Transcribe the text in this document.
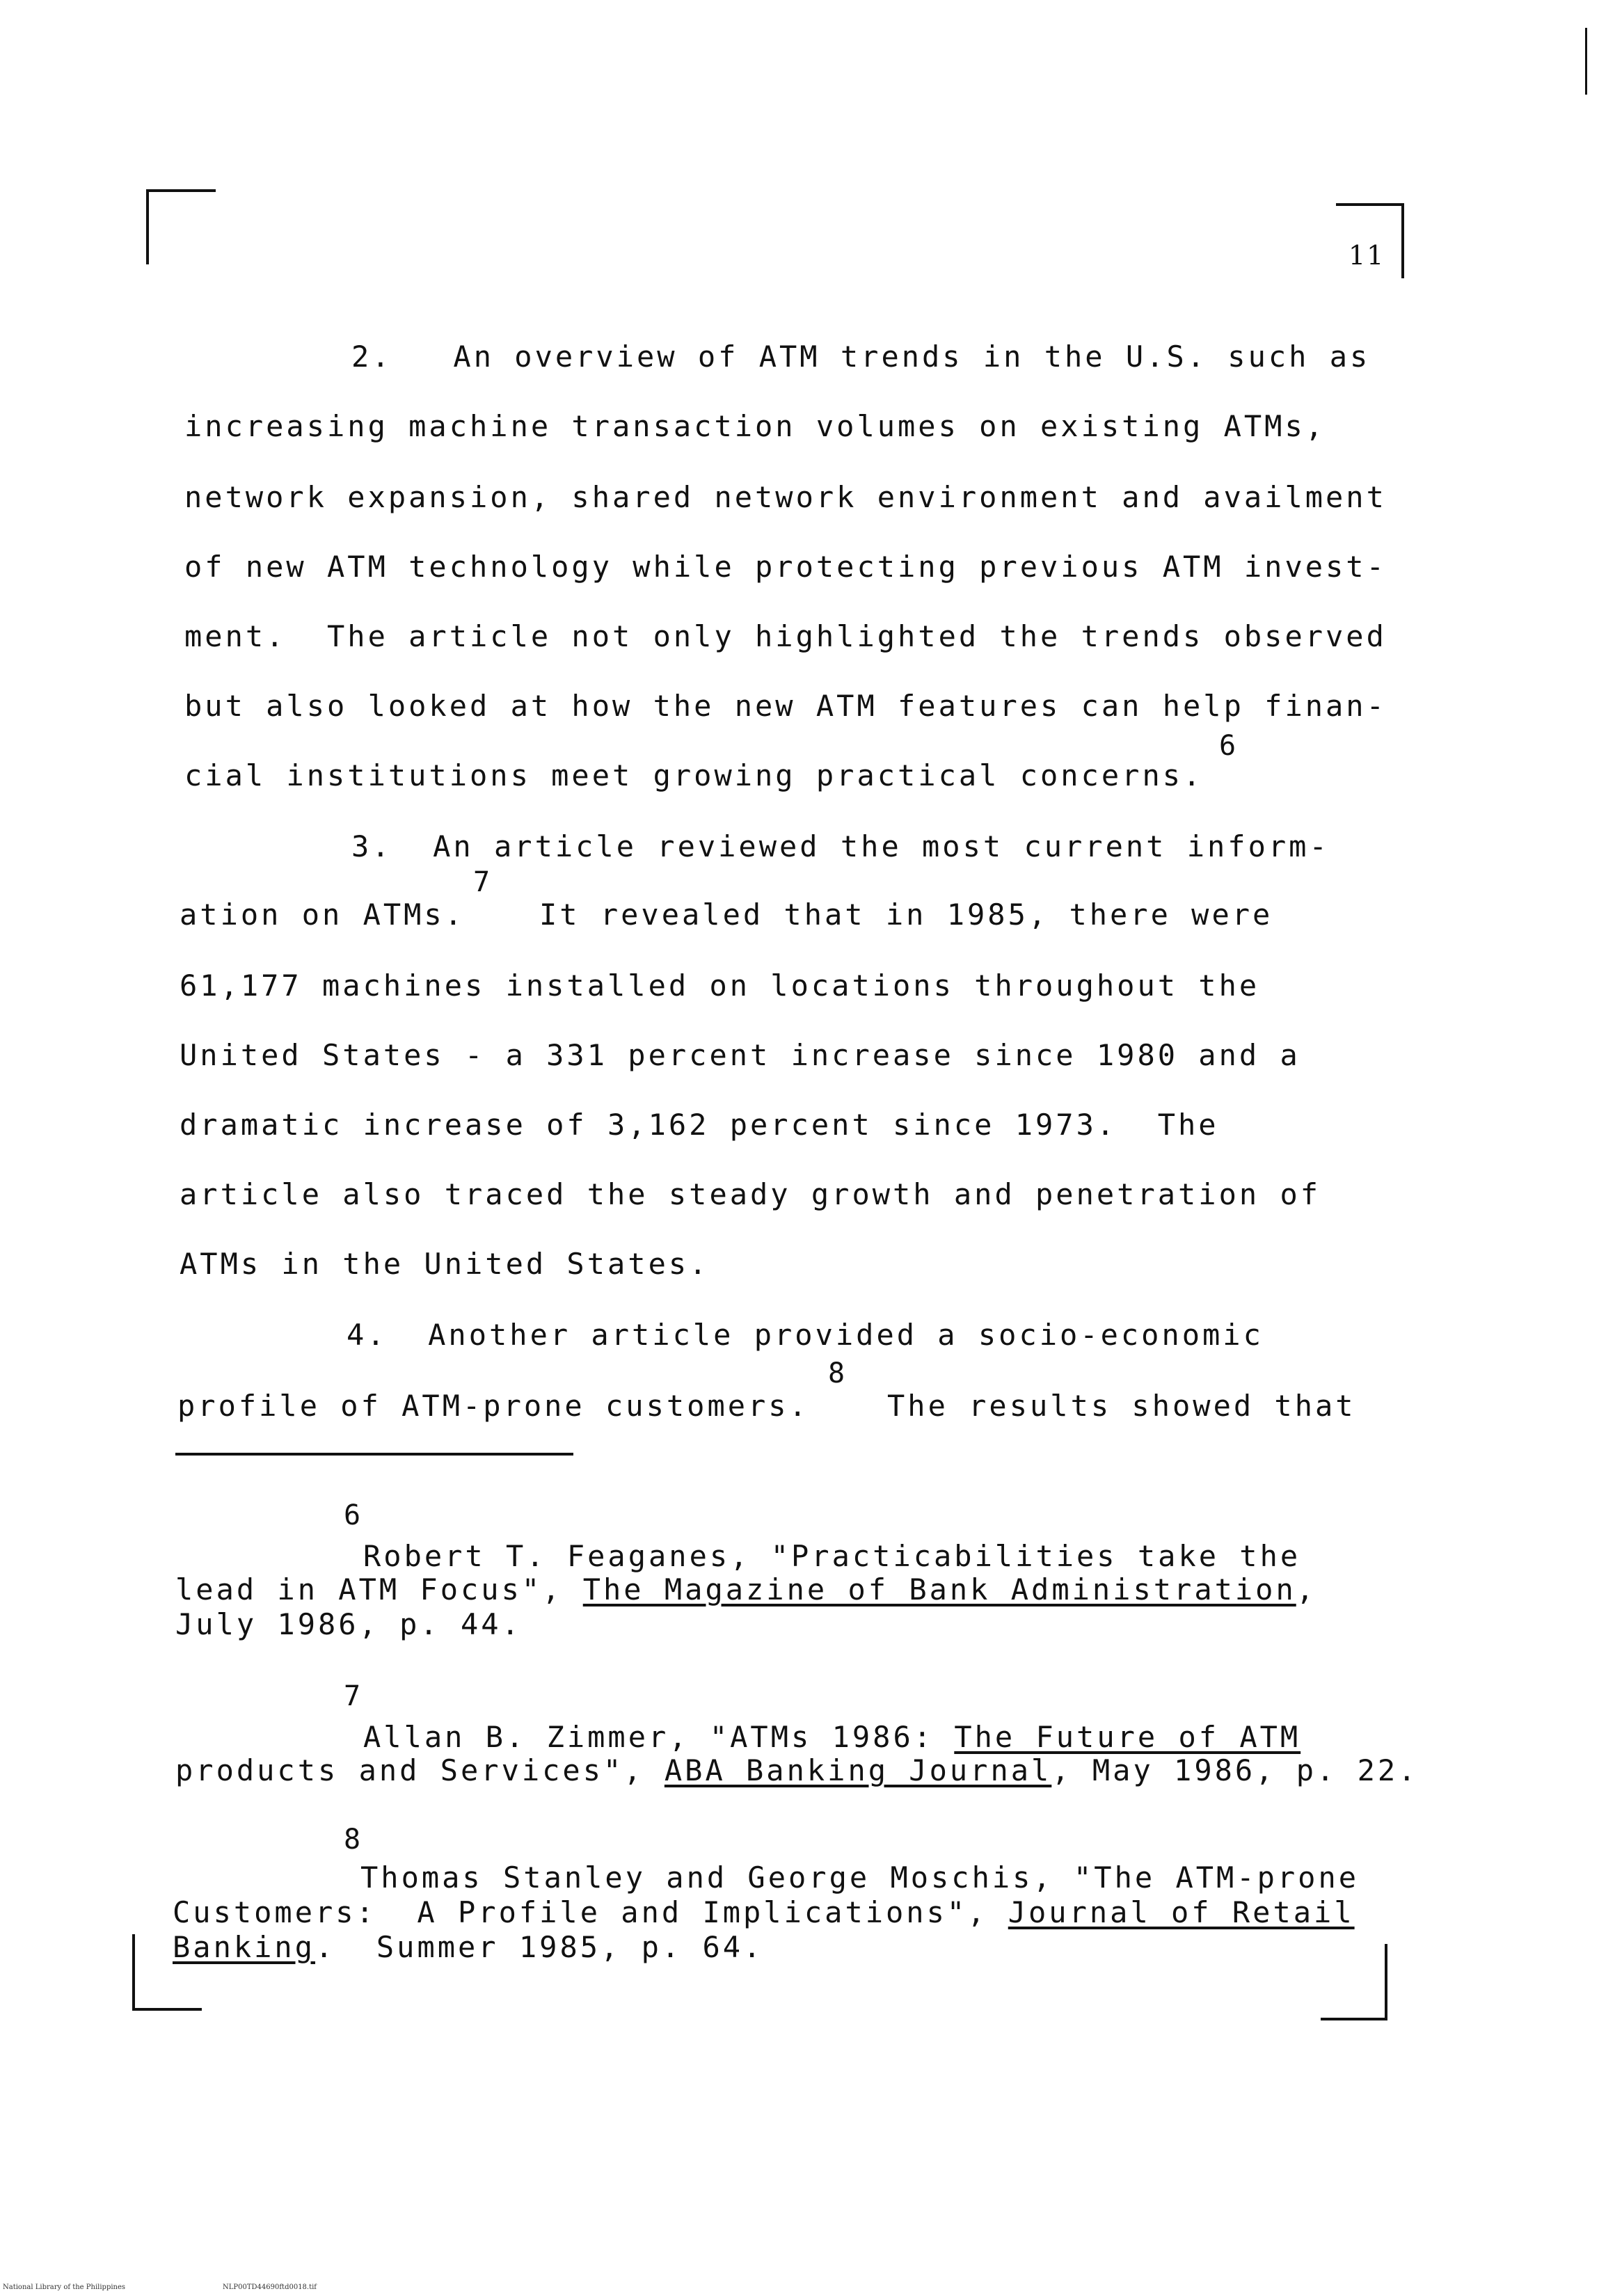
11
2.   An overview of ATM trends in the U.S. such as
increasing machine transaction volumes on existing ATMs,
network expansion, shared network environment and availment
of new ATM technology while protecting previous ATM invest-
ment.  The article not only highlighted the trends observed
but also looked at how the new ATM features can help finan-
6
cial institutions meet growing practical concerns.
3.  An article reviewed the most current inform-
7
ation on ATMs.	It revealed that in 1985, there were
61,177 machines installed on locations throughout the
United States - a 331 percent increase since 1980 and a
dramatic increase of 3,162 percent since 1973.  The
article also traced the steady growth and penetration of
ATMs in the United States.
4.  Another article provided a socio-economic
8
profile of ATM-prone customers.	The results showed that
6
Robert T. Feaganes, "Practicabilities take the
lead in ATM Focus", The Magazine of Bank Administration,
July 1986, p. 44.
7
Allan B. Zimmer, "ATMs 1986: The Future of ATM
products and Services", ABA Banking Journal, May 1986, p. 22.
8
Thomas Stanley and George Moschis, "The ATM-prone
Customers:  A Profile and Implications", Journal of Retail
Banking.  Summer 1985, p. 64.
National Library of the Philippines	NLP00TD44690ftd0018.tif
